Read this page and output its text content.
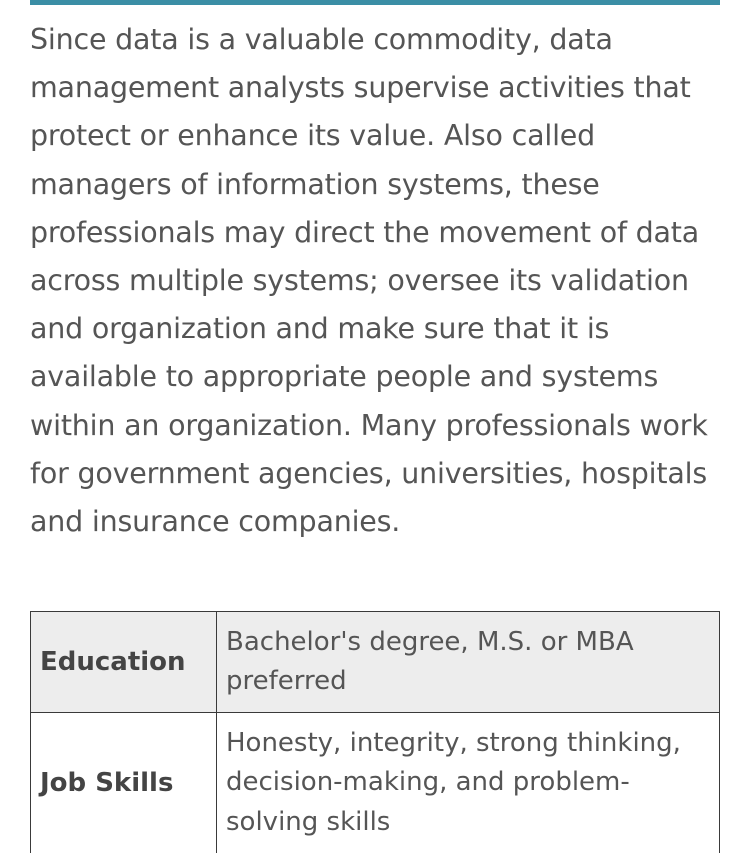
Since data is a valuable commodity, data management analysts supervise activities that protect or enhance its value. Also called managers of information systems, these professionals may direct the movement of data across multiple systems; oversee its validation and organization and make sure that it is available to appropriate people and systems within an organization. Many professionals work for government agencies, universities, hospitals and insurance companies.

Education	Bachelor's degree, M.S. or MBA preferred
Job Skills	Honesty, integrity, strong thinking, decision-making, and problem-solving skills
